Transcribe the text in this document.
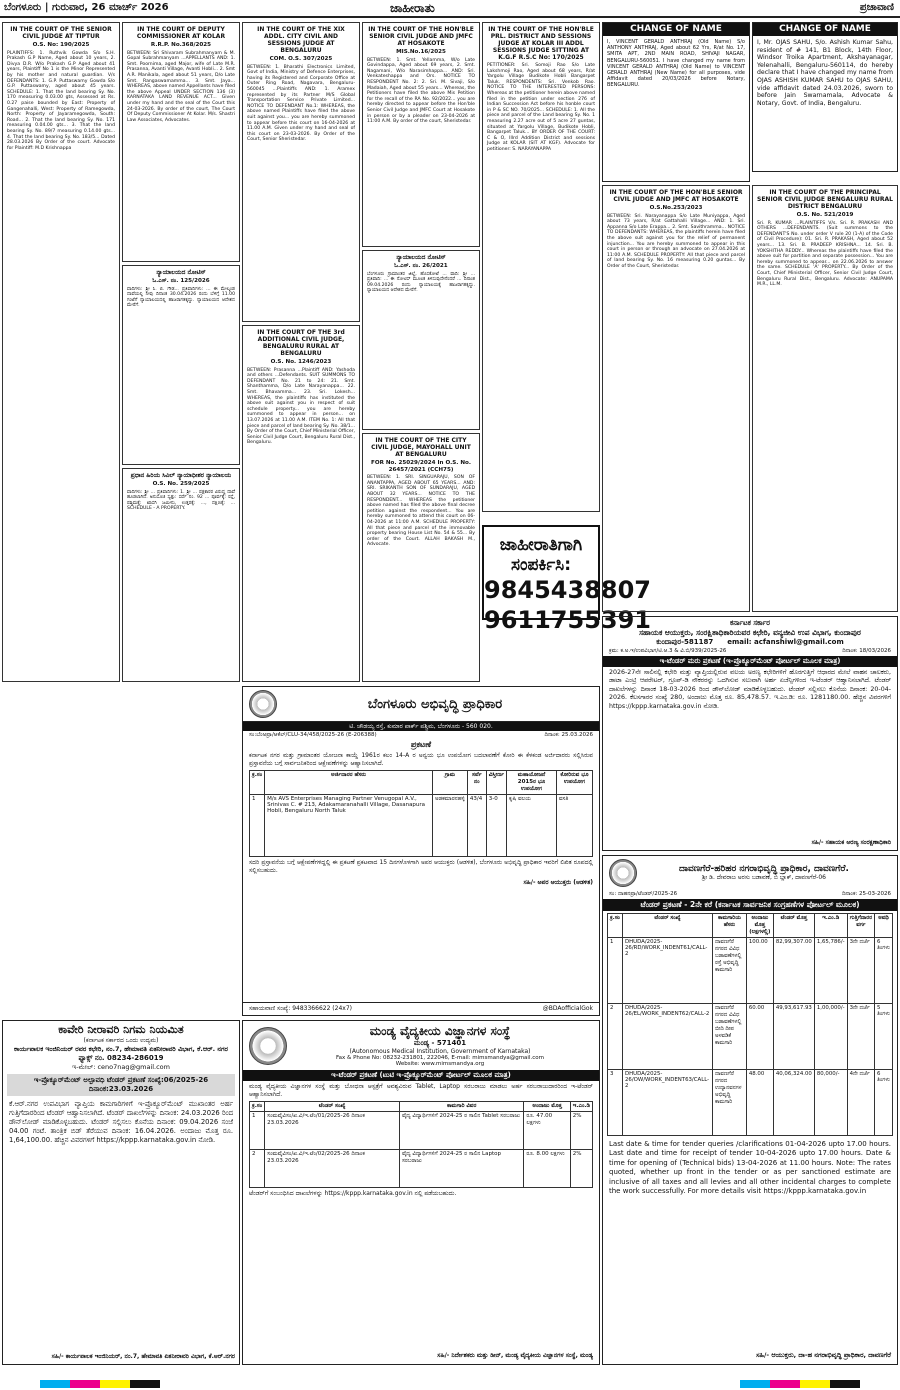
ಬೆಂಗಳೂರು | ಗುರುವಾರ, 26 ಮಾರ್ಚ್ 2026	ಜಾಹೀರಾತು	ಪ್ರಜಾವಾಣಿ
IN THE COURT OF THE SENIOR CIVIL JUDGE AT TIPTUR
O.S. No: 190/2025
PLAINTIFFS: 1. Ruthvik Gowda S/o S.H. Prakash G.P Name, Aged about 10 years, 2. Divya D.R. W/o Prakash G.P Aged about 41 years, Plaintiff No 1 is the Minor Represented by his mother and natural guardian. V/s DEFENDANTS: 1. G.P. Puttaswamy Gowda S/o G.P. Puttaswamy, aged about 45 years. SCHEDULE: 1. That the land bearing Sy. No. 170 measuring 0.03.00 gts, Assessed at Rs. 0.27 paise bounded by East: Property of Gangenahalli, West: Property of Ramegowda, North: Property of Jayaramegowda, South: Road... 2. That the land bearing Sy. No. 171 measuring 0.04.00 gts... 3. That the land bearing Sy. No. 89/7 measuring 0.14.00 gts... 4. That the land bearing Sy. No. 183/5... Dated 28.03.2026 By Order of the court. Advocate for Plaintiff: M.D Krishnappa
IN THE COURT OF DEPUTY COMMISSIONER AT KOLAR
R.R.P. No.368/2025
BETWEEN: Sri Shivaram Subrahmanyam & M. Gopal Subrahmanyam ...APPELLANTS AND: 1. Smt. Poornima, aged Major, wife of Late M.R. Prasanna, Avanti Village, Avanti Hobli... 2. Smt A.R. Manikala, aged about 51 years, D/o Late Smt. Rangaswamamma... 3. Smt. Jaya... WHEREAS, above named Appellants have filed the above Appeal UNDER SECTION 136 (3) KARNATAKA LAND REVENUE ACT... Given under my hand and the seal of the Court this 24-03-2026. By order of the court, The Court Of Deputy Commissioner At Kolar. M/s. Shastri Law Associates, Advocates.
ನ್ಯಾಯಾಲಯದ ನೋಟಿಸ್
ಓ.ಎಸ್. ನಂ. 125/2026
ವಾದಿಗಳು: ಶ್ರೀ ಸಿ. ಬಿ. ಗೌಡ... ಪ್ರತಿವಾದಿಗಳು: ... ಈ ಮೇಲ್ಕಂಡ ದಾವೆಯಲ್ಲಿ ನೀವು ದಿನಾಂಕ 30.04.2026 ರಂದು ಬೆಳಿಗ್ಗೆ 11.00 ಗಂಟೆಗೆ ನ್ಯಾಯಾಲಯದಲ್ಲಿ ಹಾಜರಾಗತಕ್ಕದ್ದು. ನ್ಯಾಯಾಲಯದ ಆದೇಶದ ಮೇರೆಗೆ.
ಪ್ರಧಾನ ಹಿರಿಯ ಸಿವಿಲ್ ನ್ಯಾಯಾಧೀಶರ ನ್ಯಾಯಾಲಯ
O.S. No. 259/2025
ವಾದಿಗಳು: ಶ್ರೀ ... ಪ್ರತಿವಾದಿಗಳು: 1. ಶ್ರೀ ... ಪಕ್ಷಕಾರರ ವಿರುದ್ಧ ದಾವೆ ಹೂಡಲಾಗಿದೆ. ಅನುಸೂಚಿ ಸ್ವತ್ತು: ಸರ್ವೆ ನಂ. 92 ... ಪೂರ್ವಕ್ಕೆ: ರಸ್ತೆ, ಪಶ್ಚಿಮಕ್ಕೆ: ಖಾಸಗಿ ಜಮೀನು, ಉತ್ತರಕ್ಕೆ: ..., ದಕ್ಷಿಣಕ್ಕೆ: ... SCHEDULE - A PROPERTY.
IN THE COURT OF THE XIX ADDL. CITY CIVIL AND SESSIONS JUDGE AT BENGALURU
COM. O.S. 307/2025
BETWEEN: 1. Bharathi Electronics Limited, Govt of India, Ministry of Defence Enterprises, having its Registered and Corporate Office at Outer Ring Road, Nagavara, Bengaluru-560045 ...Plaintiffs AND: 1. Aramex represented by its Partner M/S Global Transportation Service Private Limited... NOTICE TO DEFENDANT No.1: WHEREAS, the above named Plaintiffs have filed the above suit against you... you are hereby summoned to appear before this court on 16-04-2026 at 11.00 A.M. Given under my hand and seal of this court on 23-03-2026. By Order of the Court, Senior Sheristedar.
IN THE COURT OF THE 3rd ADDITIONAL CIVIL JUDGE, BENGALURU RURAL AT BENGALURU
O.S. No. 1246/2023
BETWEEN: Prasanna ...Plaintiff AND: Yashoda and others ...Defendants. SUIT SUMMONS TO DEFENDANT No. 21 to 24: 21. Smt. Shanthamma, D/o Late Narayanappa... 22. Smt. Bhavamma... 23. Sri. Lokesh... WHEREAS, the plaintiffs has instituted the above suit against you in respect of suit schedule property... you are hereby summoned to appear in person... on 13.07.2026 at 11.00 A.M. ITEM No. 1: All that piece and parcel of land bearing Sy. No. 38/1... By Order of the Court, Chief Ministerial Officer, Senior Civil Judge Court, Bengaluru Rural Dist., Bengaluru.
IN THE COURT OF THE HON'BLE SENIOR CIVIL JUDGE AND JMFC AT HOSAKOTE
MIS.No.16/2025
BETWEEN: 1. Smt. Yellamma, W/o Late Govindappa, Aged about 69 years, 2. Smt. Nagamani, W/o Narasimhappa... AND: Sri. Venkateshappa and Ors. NOTICE TO RESPONDENT No. 2: 2. Sri. M. Sivaji, S/o Madaiah, Aged about 55 years... Whereas, the Petitioners have filed the above Mis Petition for the recall of the RA No. 92/2022... you are hereby directed to appear before the Hon'ble Senior Civil Judge and JMFC Court at Hosakote in person or by a pleader on 23-04-2026 at 11:00 A.M. By order of the court, Sheristedar.
ನ್ಯಾಯಾಲಯದ ನೋಟಿಸ್
ಓ.ಎಸ್. ನಂ. 26/2021
ಬೆಂಗಳೂರು ಗ್ರಾಮಾಂತರ ಜಿಲ್ಲೆ, ಹೊಸಕೋಟೆ ... ವಾದಿ: ಶ್ರೀ ... ಪ್ರತಿವಾದಿ: ... ಈ ನೋಟಿಸ್ ಮೂಲಕ ತಿಳಿಸುವುದೇನೆಂದರೆ ... ದಿನಾಂಕ 09.04.2026 ರಂದು ನ್ಯಾಯಾಲಯಕ್ಕೆ ಹಾಜರಾಗತಕ್ಕದ್ದು. ನ್ಯಾಯಾಲಯದ ಆದೇಶದ ಮೇರೆಗೆ.
IN THE COURT OF THE CITY CIVIL JUDGE, MAYOHALL UNIT AT BENGALURU
FOR No. 25029/2024 In O.S. No. 26457/2021 (CCH75)
BETWEEN: 1. SRI. SINGUARAJU, SON OF ANANTAPPA, AGED ABOUT 65 YEARS... AND: SRI. SRIKANTH SON OF SUNDARAJU, AGED ABOUT 32 YEARS... NOTICE TO THE RESPONDENT... WHEREAS the petitioner above named has filed the above final decree petition against the respondent... You are hereby summoned to attend this court on 06-04-2026 at 11:00 A.M. SCHEDULE PROPERTY: All that piece and parcel of the immovable property bearing House List No. 54 & 55... By order of the Court. ALLAH BAKASH M., Advocate.
IN THE COURT OF THE HON'BLE PRL. DISTRICT AND SESSIONS JUDGE AT KOLAR III ADDL SESSIONS JUDGE SITTING AT K.G.F R.S.C No: 170/2025
PETITIONER: Sri. Somoji Rao S/o Late Lakshmoji Rao, Aged about 68 years, R/at Yargolu Village Budikote Hobli Bangarpet Taluk. RESPONDENTS: Sri. Venkob Rao. NOTICE TO THE INTERESTED PERSONS: Whereas at the petitioner herein above named filed in the petition under section 276 of Indian Succession Act before his honble court in P & SC NO. 70/2025... SCHEDULE: 1. All the piece and parcel of the Land bearing Sy. No. 1 measuring 2.27 acre out of 5 acre 27 guntas, situated at Yargolu Village, Budikote Hobli, Bangarpet Taluk... BY ORDER OF THE COURT: C & O, Illrd Addition District and sessions Judge at KOLAR (SIT AT KGF). Advocate for petitioner: S. NARAYANAPPA
ಜಾಹೀರಾತಿಗಾಗಿ ಸಂಪರ್ಕಿಸಿ:
9845438807
9611755391
CHANGE OF NAME
I, VINCENT GERALD ANTHRAJ (Old Name) S/o ANTHONY ANTHRAJ, Aged about 62 Yrs, R/at No. 17, SMITA APT, 2ND MAIN ROAD, SHIVAJI NAGAR, BENGALURU-560051. I have changed my name from VINCENT GERALD ANTHRAJ (Old Name) to VINCENT GERALD ANTHRAJ (New Name) for all purposes, vide Affidavit dated 20/03/2026 before Notary, BENGALURU.
IN THE COURT OF THE HON'BLE SENIOR CIVIL JUDGE AND JMFC AT HOSAKOTE
O.S.No.253/2023
BETWEEN: Sri. Narayanappa S/o Late Muniyappa, Aged about 73 years, R/at Gattahalli Village... AND: 1. Sri. Appanna S/o Late Erappa... 2. Smt. Savithramma... NOTICE TO DEFENDANTS: WHEREAS, the plaintiffs herein have filed the above suit against you for the relief of permanent injunction... You are hereby summoned to appear in this court in person or through an advocate on 27.04.2026 at 11:00 A.M. SCHEDULE PROPERTY: All that piece and parcel of land bearing Sy. No. 16 measuring 0.20 guntas... By Order of the Court, Sheristedar.
CHANGE OF NAME
I, Mr. OJAS SAHU, S/o. Ashish Kumar Sahu, resident of # 141, B1 Block, 14th Floor, Windsor Troika Apartment, Akshayanagar, Yelenahalli, Bengaluru-560114, do hereby declare that I have changed my name from OJAS ASHISH KUMAR SAHU to OJAS SAHU, vide affidavit dated 24.03.2026, sworn to before Jain Swarnamala, Advocate & Notary, Govt. of India, Bengaluru.
IN THE COURT OF THE PRINCIPAL SENIOR CIVIL JUDGE BENGALURU RURAL DISTRICT BENGALURU
O.S. No. 521/2019
Sri. R. KUMAR ...PLAINTIFFS V/s. Sri. R. PRAKASH AND OTHERS ...DEFENDANTS. (Suit summons to the DEFENDANT'S No. under order V rule 20 (1-A) of the Code of Civil Procedure): 01. Sri. R. PRAKASH, Aged about 52 years... 13. Sri. B. PRADEEP KRISHNA... 14. Sri. B. YOKSHITHA REDDY... Whereas the plaintiffs have filed the above suit for partition and separate possession... You are hereby summoned to appear... on 22.06.2026 to answer the same. SCHEDULE 'A' PROPERTY... By Order of the Court, Chief Ministerial Officer, Senior Civil Judge Court, Bengaluru Rural Dist., Bengaluru. Advocate: ANUPAMA M.R., LL.M.
ಬೆಂಗಳೂರು ಅಭಿವೃದ್ಧಿ ಪ್ರಾಧಿಕಾರ
ಟಿ. ಚೌಡಯ್ಯ ರಸ್ತೆ, ಕುಮಾರ ಪಾರ್ಕ್ ಪಶ್ಚಿಮ, ಬೆಂಗಳೂರು - 560 020.
ಸಂ:ಬೆಂಅಪ್ರಾ/ಆಕೆಲ್/CLU-34/458/2025-26 (E-206388)	ದಿನಾಂಕ: 25.03.2026
ಪ್ರಕಟಣೆ
ಕರ್ನಾಟಕ ನಗರ ಮತ್ತು ಗ್ರಾಮಾಂತರ ಯೋಜನಾ ಕಾಯ್ದೆ 1961ರ ಕಲಂ 14-A ರ ಅನ್ವಯ ಭೂ ಉಪಯೋಗ ಬದಲಾವಣೆಗೆ ಕೋರಿ ಈ ಕೆಳಕಂಡ ಅರ್ಜಿದಾರರು ಸಲ್ಲಿಸಿರುವ ಪ್ರಸ್ತಾವನೆಯ ಬಗ್ಗೆ ಸಾರ್ವಜನಿಕರಿಂದ ಆಕ್ಷೇಪಣೆಗಳನ್ನು ಆಹ್ವಾನಿಸಲಾಗಿದೆ.
ಕ್ರ.ಸಂ	ಅರ್ಜಿದಾರರ ಹೆಸರು	ಗ್ರಾಮ	ಸರ್ವೆ ನಂ	ವಿಸ್ತೀರ್ಣ	ಮಹಾಯೋಜನೆ 2015ರ ಭೂ ಉಪಯೋಗ	ಕೋರಿರುವ ಭೂ ಉಪಯೋಗ
1	M/s AVS Enterprises Managing Partner Venugopal A.V., Srinivas C. # 213, Adakamaranahalli Village, Dasanapura Hobli, Bengaluru North Taluk	ಅಡಕಮಾರನಹಳ್ಳಿ	43/4	3-0	ಕೃಷಿ ವಲಯ	ವಸತಿ
ಸದರಿ ಪ್ರಸ್ತಾವನೆಯ ಬಗ್ಗೆ ಆಕ್ಷೇಪಣೆಗಳಿದ್ದಲ್ಲಿ ಈ ಪ್ರಕಟಣೆ ಪ್ರಕಟವಾದ 15 ದಿನಗಳೊಳಗಾಗಿ ಅಪರ ಆಯುಕ್ತರು (ಆಡಳಿತ), ಬೆಂಗಳೂರು ಅಭಿವೃದ್ಧಿ ಪ್ರಾಧಿಕಾರ ಇವರಿಗೆ ಲಿಖಿತ ರೂಪದಲ್ಲಿ ಸಲ್ಲಿಸಬಹುದು.
ಸಹಿ/- ಅಪರ ಆಯುಕ್ತರು (ಆಡಳಿತ)
ಸಹಾಯವಾಣಿ ಸಂಖ್ಯೆ: 9483366622 (24x7)	@BDAofficialGok
ಕಾವೇರಿ ನೀರಾವರಿ ನಿಗಮ ನಿಯಮಿತ
(ಕರ್ನಾಟಕ ಸರ್ಕಾರದ ಒಂದು ಉದ್ಯಮ)
ಕಾರ್ಯಪಾಲಕ ಇಂಜಿನಿಯರ್ ರವರ ಕಛೇರಿ, ನಂ.7, ಹೇಮಾವತಿ ಏತನೀರಾವರಿ ವಿಭಾಗ, ಕೆ.ಆರ್. ನಗರ
ಫ್ಯಾಕ್ಸ್ ನಂ. 08234-286019
ಇ-ಮೇಲ್: ceno7nag@gmail.com
ಇ-ಪ್ರೊಕ್ಯೂರ್‌ಮೆಂಟ್ ಅಲ್ಪಾವಧಿ ಟೆಂಡರ್ ಪ್ರಕಟಣೆ ಸಂಖ್ಯೆ:06/2025-26 ದಿನಾಂಕ:23.03.2026
ಕೆ.ಆರ್.ನಗರ ಉಪವಿಭಾಗ ವ್ಯಾಪ್ತಿಯ ಕಾಮಗಾರಿಗಳಿಗೆ ಇ-ಪ್ರೊಕ್ಯೂರ್‌ಮೆಂಟ್ ಮುಖಾಂತರ ಅರ್ಹ ಗುತ್ತಿಗೆದಾರರಿಂದ ಟೆಂಡರ್ ಆಹ್ವಾನಿಸಲಾಗಿದೆ. ಟೆಂಡರ್ ದಾಖಲೆಗಳನ್ನು ದಿನಾಂಕ: 24.03.2026 ರಿಂದ ಡೌನ್‌ಲೋಡ್ ಮಾಡಿಕೊಳ್ಳಬಹುದು. ಟೆಂಡರ್ ಸಲ್ಲಿಸಲು ಕೊನೆಯ ದಿನಾಂಕ: 09.04.2026 ಸಂಜೆ 04.00 ಗಂಟೆ. ತಾಂತ್ರಿಕ ಬಿಡ್ ತೆರೆಯುವ ದಿನಾಂಕ: 16.04.2026. ಅಂದಾಜು ಮೊತ್ತ ರೂ. 1,64,100.00. ಹೆಚ್ಚಿನ ವಿವರಗಳಿಗೆ https://kppp.karnataka.gov.in ನೋಡಿ.
ಸಹಿ/- ಕಾರ್ಯಪಾಲಕ ಇಂಜಿನಿಯರ್, ನಂ.7, ಹೇಮಾವತಿ ಏತನೀರಾವರಿ ವಿಭಾಗ, ಕೆ.ಆರ್.ನಗರ
ಮಂಡ್ಯ ವೈದ್ಯಕೀಯ ವಿಜ್ಞಾನಗಳ ಸಂಸ್ಥೆ
ಮಂಡ್ಯ - 571401
(Autonomous Medical Institution, Government of Karnataka)
Fax & Phone No: 08232-231801, 222046, E-mail: mimsmandya@gmail.com
Website: www.mimsmandya.org
ಇ-ಟೆಂಡರ್ ಪ್ರಕಟಣೆ (ಟುಟಿ ಇ-ಪ್ರೊಕ್ಯೂರ್‌ಮೆಂಟ್ ಪೋರ್ಟಲ್ ಮೂಲಕ ಮಾತ್ರ)
ಮಂಡ್ಯ ವೈದ್ಯಕೀಯ ವಿಜ್ಞಾನಗಳ ಸಂಸ್ಥೆ ಮತ್ತು ಬೋಧನಾ ಆಸ್ಪತ್ರೆಗೆ ಅವಶ್ಯವಿರುವ Tablet, Laptop ಸರಬರಾಜು ಮಾಡಲು ಅರ್ಹ ಸರಬರಾಜುದಾರರಿಂದ ಇ-ಟೆಂಡರ್ ಆಹ್ವಾನಿಸಲಾಗಿದೆ.
ಕ್ರ.ಸಂ	ಟೆಂಡರ್ ಸಂಖ್ಯೆ	ಕಾಮಗಾರಿ ವಿವರ	ಅಂದಾಜು ಮೊತ್ತ	ಇ.ಎಂ.ಡಿ
1	ಸಂಮವೈವಿಸಂ/ಖ.ವಿ/ಇ.ಟೆಂ/01/2025-26 ದಿನಾಂಕ 23.03.2026	ವೈದ್ಯ ವಿದ್ಯಾರ್ಥಿಗಳಿಗೆ 2024-25 ರ ಸಾಲಿನ Tablet ಸರಬರಾಜು	ರೂ. 47.00 ಲಕ್ಷಗಳು	2%
2	ಸಂಮವೈವಿಸಂ/ಖ.ವಿ/ಇ.ಟೆಂ/02/2025-26 ದಿನಾಂಕ 23.03.2026	ವೈದ್ಯ ವಿದ್ಯಾರ್ಥಿಗಳಿಗೆ 2024-25 ರ ಸಾಲಿನ Laptop ಸರಬರಾಜು	ರೂ. 8.00 ಲಕ್ಷಗಳು	2%
ಟೆಂಡರ್‌ಗೆ ಸಂಬಂಧಿಸಿದ ದಾಖಲೆಗಳನ್ನು https://kppp.karnataka.gov.in ನಲ್ಲಿ ಪಡೆಯಬಹುದು.
ಸಹಿ/- ನಿರ್ದೇಶಕರು ಮತ್ತು ಡೀನ್, ಮಂಡ್ಯ ವೈದ್ಯಕೀಯ ವಿಜ್ಞಾನಗಳ ಸಂಸ್ಥೆ, ಮಂಡ್ಯ
ಕರ್ನಾಟಕ ಸರ್ಕಾರ
ಸಹಾಯಕ ಆಯುಕ್ತರು, ಸಂರಕ್ಷಿತಾಧಿಕಾರಿಯವರ ಕಛೇರಿ, ವನ್ಯಜೀವಿ ಉಪ ವಿಭಾಗ, ಕುಂದಾಪುರ
ಕುಂದಾಪುರ-581187 email: acfanshiwl@gmail.com
ಕ್ರಮ: ಕ.ಅ.ಇ/ಉಪವಿಭಾಗ/ಟಿ.ಆ.3 & ವಿ.ಬಿ/939/2025-26	ದಿನಾಂಕ: 18/03/2026
ಇ-ಟೆಂಡರ್ ಮರು ಪ್ರಕಟಣೆ (ಇ-ಪ್ರೊಕ್ಯೂರ್‌ಮೆಂಟ್ ಪೋರ್ಟಲ್ ಮೂಲಕ ಮಾತ್ರ)
2026-27ನೇ ಸಾಲಿನಲ್ಲಿ ಕಛೇರಿ ಮತ್ತು ವ್ಯಾಪ್ತಿಯಲ್ಲಿರುವ ವಲಯ ಅರಣ್ಯ ಕಛೇರಿಗಳಿಗೆ ಹೊರಗುತ್ತಿಗೆ ಆಧಾರದ ಮೇಲೆ ವಾಹನ ಚಾಲಕರು, ಡಾಟಾ ಎಂಟ್ರಿ ಆಪರೇಟರ್, ಗ್ರೂಪ್-ಡಿ ನೌಕರರನ್ನು ಒದಗಿಸುವ ಸಲುವಾಗಿ ಅರ್ಹ ಏಜೆನ್ಸಿಗಳಿಂದ ಇ-ಟೆಂಡರ್ ಆಹ್ವಾನಿಸಲಾಗಿದೆ. ಟೆಂಡರ್ ದಾಖಲೆಗಳನ್ನು ದಿನಾಂಕ 18-03-2026 ರಿಂದ ಡೌನ್‌ಲೋಡ್ ಮಾಡಿಕೊಳ್ಳಬಹುದು. ಟೆಂಡರ್ ಸಲ್ಲಿಸಲು ಕೊನೆಯ ದಿನಾಂಕ: 20-04-2026. ಕೆಲಸಗಾರರ ಸಂಖ್ಯೆ 280, ಅಂದಾಜು ಮೊತ್ತ ರೂ. 85,478.57. ಇ.ಎಂ.ಡಿ: ರೂ. 1281180.00. ಹೆಚ್ಚಿನ ವಿವರಗಳಿಗೆ https://kppp.karnataka.gov.in ನೋಡಿ.
ಸಹಿ/- ಸಹಾಯಕ ಅರಣ್ಯ ಸಂರಕ್ಷಣಾಧಿಕಾರಿ
ದಾವಣಗೆರೆ-ಹರಿಹರ ನಗರಾಭಿವೃದ್ಧಿ ಪ್ರಾಧಿಕಾರ, ದಾವಣಗೆರೆ.
ಶ್ರೀ ಡಿ. ದೇವರಾಜ ಅರಸು ಬಡಾವಣೆ, ಬಿ ಬ್ಲಾಕ್, ದಾವಣಗೆರೆ-06
ಸಂ: ದಾಹನಪ್ರಾ/ಟೆಂಡರ್/2025-26	ದಿನಾಂಕ: 25-03-2026
ಟೆಂಡರ್ ಪ್ರಕಟಣೆ - 2ನೇ ಕರೆ (ಕರ್ನಾಟಕ ಸಾರ್ವಜನಿಕ ಸಂಗ್ರಹಣೆಗಳ ಪೋರ್ಟಲ್ ಮೂಲಕ)
ಕ್ರ.ಸಂ	ಟೆಂಡರ್ ಸಂಖ್ಯೆ	ಕಾಮಗಾರಿಯ ಹೆಸರು	ಅಂದಾಜು ಮೊತ್ತ (ಲಕ್ಷಗಳಲ್ಲಿ)	ಟೆಂಡರ್ ಮೊತ್ತ	ಇ.ಎಂ.ಡಿ	ಗುತ್ತಿಗೆದಾರರ ವರ್ಗ	ಅವಧಿ
1	DHUDA/2025-26/RD/WORK_INDENT61/CALL-2	ದಾವಣಗೆರೆ ನಗರದ ವಿವಿಧ ಬಡಾವಣೆಗಳಲ್ಲಿ ರಸ್ತೆ ಅಭಿವೃದ್ಧಿ ಕಾಮಗಾರಿ	100.00	82,99,307.00	1,65,786/-	3ನೇ ದರ್ಜೆ	6 ತಿಂಗಳು
2	DHUDA/2025-26/EL/WORK_INDENT62/CALL-2	ದಾವಣಗೆರೆ ನಗರದ ವಿವಿಧ ಬಡಾವಣೆಗಳಲ್ಲಿ ಬೀದಿ ದೀಪ ಅಳವಡಿಕೆ ಕಾಮಗಾರಿ	60.00	49,93,617.93	1,00,000/-	3ನೇ ದರ್ಜೆ	5 ತಿಂಗಳು
3	DHUDA/2025-26/OW/WORK_INDENT63/CALL-2	ದಾವಣಗೆರೆ ನಗರದ ಉದ್ಯಾನವನಗಳ ಅಭಿವೃದ್ಧಿ ಕಾಮಗಾರಿ	48.00	40,06,324.00	80,000/-	4ನೇ ದರ್ಜೆ	6 ತಿಂಗಳು
Last date & time for tender queries /clarifications 01-04-2026 upto 17.00 hours. Last date and time for receipt of tender 10-04-2026 upto 17.00 hours. Date & time for opening of (Technical bids) 13-04-2026 at 11.00 hours. Note: The rates quoted, whether up front in the tender or as per sanctioned estimate are inclusive of all taxes and all levies and all other incidental charges to complete the work successfully. For more details visit https://kppp.karnataka.gov.in
ಸಹಿ/- ಆಯುಕ್ತರು, ದಾ-ಹ ನಗರಾಭಿವೃದ್ಧಿ ಪ್ರಾಧಿಕಾರ, ದಾವಣಗೆರೆ
